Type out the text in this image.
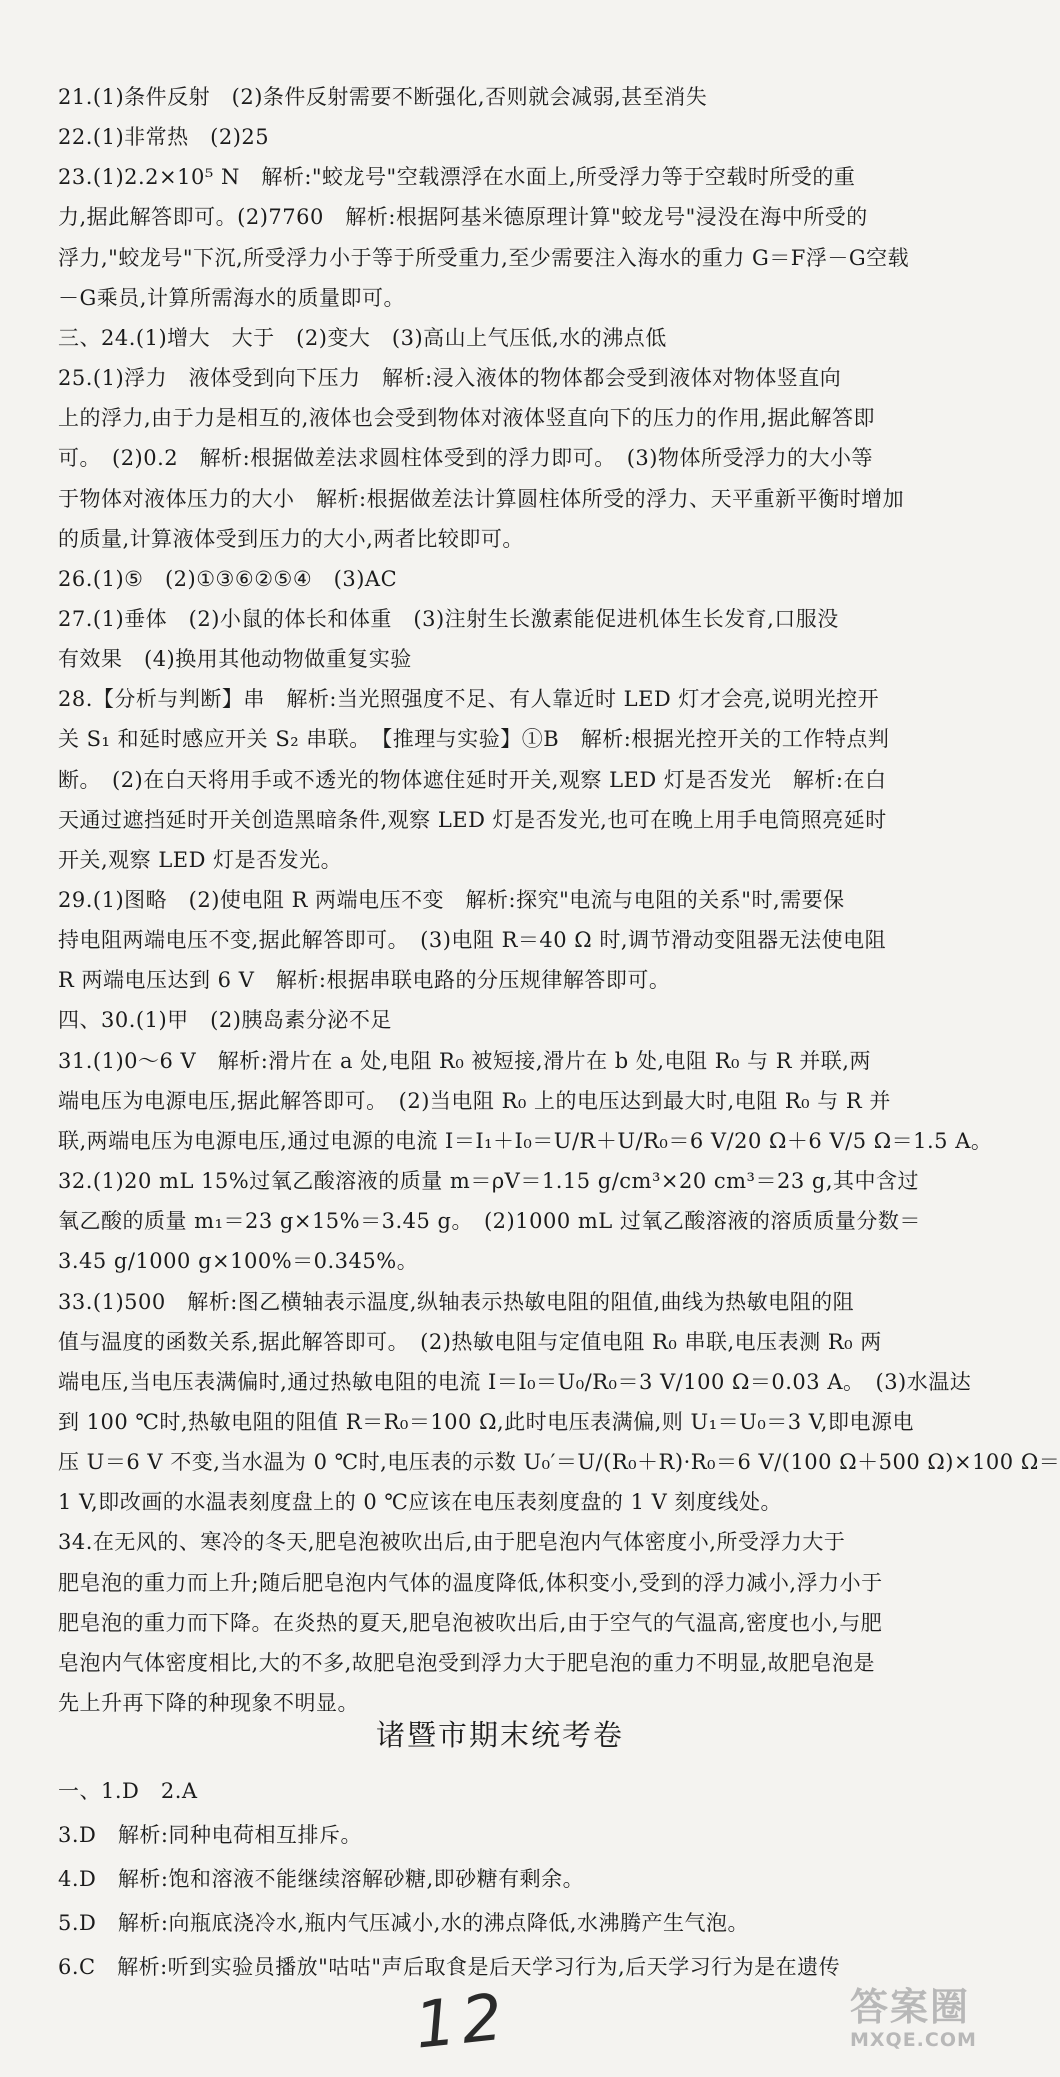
21.(1)条件反射　(2)条件反射需要不断强化,否则就会减弱,甚至消失
22.(1)非常热　(2)25
23.(1)2.2×10⁵ N　解析:"蛟龙号"空载漂浮在水面上,所受浮力等于空载时所受的重
力,据此解答即可。(2)7760　解析:根据阿基米德原理计算"蛟龙号"浸没在海中所受的
浮力,"蛟龙号"下沉,所受浮力小于等于所受重力,至少需要注入海水的重力 G＝F浮－G空载
－G乘员,计算所需海水的质量即可。
三、24.(1)增大　大于　(2)变大　(3)高山上气压低,水的沸点低
25.(1)浮力　液体受到向下压力　解析:浸入液体的物体都会受到液体对物体竖直向
上的浮力,由于力是相互的,液体也会受到物体对液体竖直向下的压力的作用,据此解答即
可。　(2)0.2　解析:根据做差法求圆柱体受到的浮力即可。　(3)物体所受浮力的大小等
于物体对液体压力的大小　解析:根据做差法计算圆柱体所受的浮力、天平重新平衡时增加
的质量,计算液体受到压力的大小,两者比较即可。
26.(1)⑤　(2)①③⑥②⑤④　(3)AC
27.(1)垂体　(2)小鼠的体长和体重　(3)注射生长激素能促进机体生长发育,口服没
有效果　(4)换用其他动物做重复实验
28.【分析与判断】串　解析:当光照强度不足、有人靠近时 LED 灯才会亮,说明光控开
关 S₁ 和延时感应开关 S₂ 串联。　【推理与实验】①B　解析:根据光控开关的工作特点判
断。　(2)在白天将用手或不透光的物体遮住延时开关,观察 LED 灯是否发光　解析:在白
天通过遮挡延时开关创造黑暗条件,观察 LED 灯是否发光,也可在晚上用手电筒照亮延时
开关,观察 LED 灯是否发光。
29.(1)图略　(2)使电阻 R 两端电压不变　解析:探究"电流与电阻的关系"时,需要保
持电阻两端电压不变,据此解答即可。　(3)电阻 R＝40 Ω 时,调节滑动变阻器无法使电阻
R 两端电压达到 6 V　解析:根据串联电路的分压规律解答即可。
四、30.(1)甲　(2)胰岛素分泌不足
31.(1)0～6 V　解析:滑片在 a 处,电阻 R₀ 被短接,滑片在 b 处,电阻 R₀ 与 R 并联,两
端电压为电源电压,据此解答即可。　(2)当电阻 R₀ 上的电压达到最大时,电阻 R₀ 与 R 并
联,两端电压为电源电压,通过电源的电流 I＝I₁＋I₀＝U/R＋U/R₀＝6 V/20 Ω＋6 V/5 Ω＝1.5 A。
32.(1)20 mL 15%过氧乙酸溶液的质量 m＝ρV＝1.15 g/cm³×20 cm³＝23 g,其中含过
氧乙酸的质量 m₁＝23 g×15%＝3.45 g。　(2)1000 mL 过氧乙酸溶液的溶质质量分数＝
3.45 g/1000 g×100%＝0.345%。
33.(1)500　解析:图乙横轴表示温度,纵轴表示热敏电阻的阻值,曲线为热敏电阻的阻
值与温度的函数关系,据此解答即可。　(2)热敏电阻与定值电阻 R₀ 串联,电压表测 R₀ 两
端电压,当电压表满偏时,通过热敏电阻的电流 I＝I₀＝U₀/R₀＝3 V/100 Ω＝0.03 A。　(3)水温达
到 100 ℃时,热敏电阻的阻值 R＝R₀＝100 Ω,此时电压表满偏,则 U₁＝U₀＝3 V,即电源电
压 U＝6 V 不变,当水温为 0 ℃时,电压表的示数 U₀′＝U/(R₀＋R)·R₀＝6 V/(100 Ω＋500 Ω)×100 Ω＝
1 V,即改画的水温表刻度盘上的 0 ℃应该在电压表刻度盘的 1 V 刻度线处。
34.在无风的、寒冷的冬天,肥皂泡被吹出后,由于肥皂泡内气体密度小,所受浮力大于
肥皂泡的重力而上升;随后肥皂泡内气体的温度降低,体积变小,受到的浮力减小,浮力小于
肥皂泡的重力而下降。在炎热的夏天,肥皂泡被吹出后,由于空气的气温高,密度也小,与肥
皂泡内气体密度相比,大的不多,故肥皂泡受到浮力大于肥皂泡的重力不明显,故肥皂泡是
先上升再下降的种现象不明显。
诸暨市期末统考卷
一、1.D　2.A
3.D　解析:同种电荷相互排斥。
4.D　解析:饱和溶液不能继续溶解砂糖,即砂糖有剩余。
5.D　解析:向瓶底浇冷水,瓶内气压减小,水的沸点降低,水沸腾产生气泡。
6.C　解析:听到实验员播放"咕咕"声后取食是后天学习行为,后天学习行为是在遗传
12	答案圈
MXQE.COM
